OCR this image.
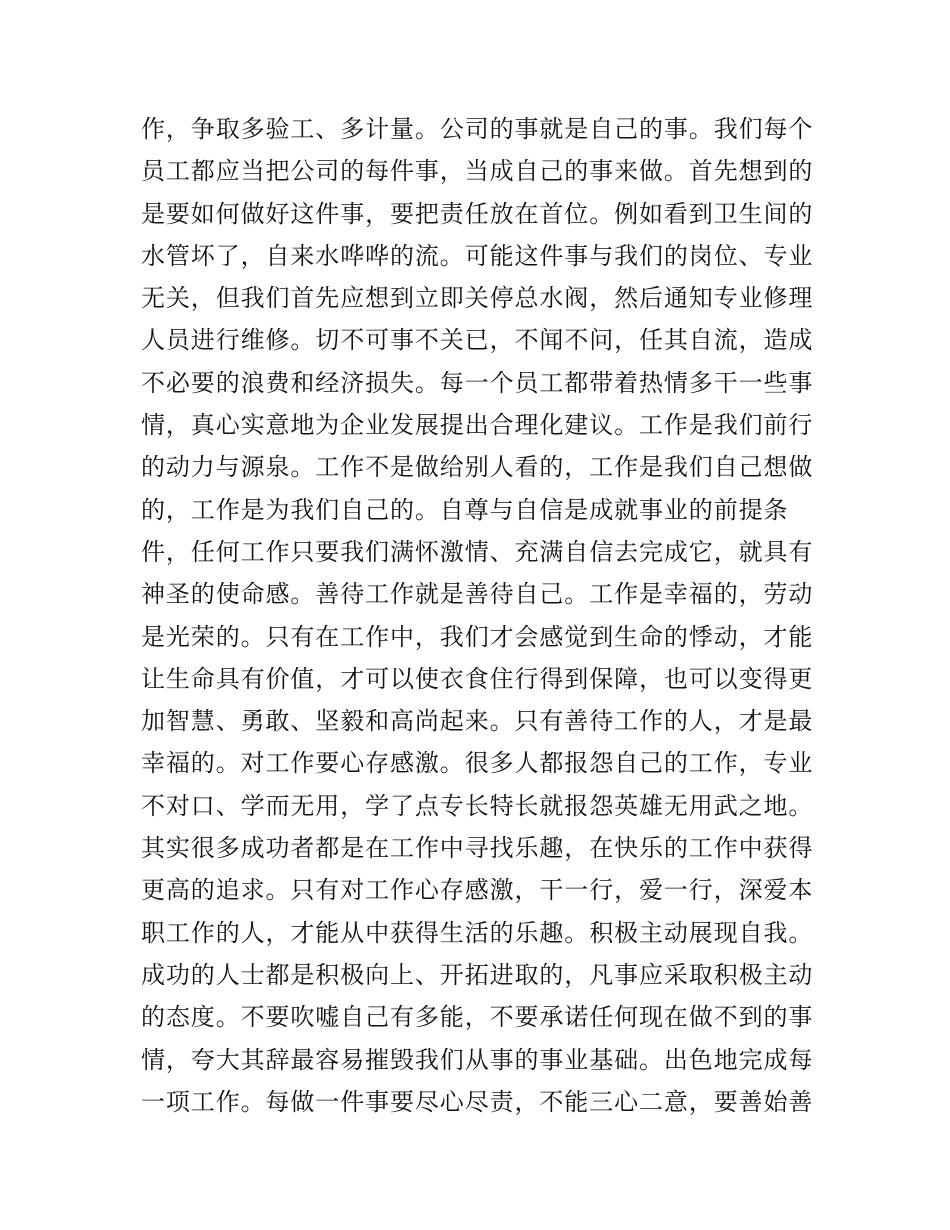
作，争取多验工、多计量。公司的事就是自己的事。我们每个
员工都应当把公司的每件事，当成自己的事来做。首先想到的
是要如何做好这件事，要把责任放在首位。例如看到卫生间的
水管坏了，自来水哗哗的流。可能这件事与我们的岗位、专业
无关，但我们首先应想到立即关停总水阀，然后通知专业修理
人员进行维修。切不可事不关已，不闻不问，任其自流，造成
不必要的浪费和经济损失。每一个员工都带着热情多干一些事
情，真心实意地为企业发展提出合理化建议。工作是我们前行
的动力与源泉。工作不是做给别人看的，工作是我们自己想做
的，工作是为我们自己的。自尊与自信是成就事业的前提条
件，任何工作只要我们满怀激情、充满自信去完成它，就具有
神圣的使命感。善待工作就是善待自己。工作是幸福的，劳动
是光荣的。只有在工作中，我们才会感觉到生命的悸动，才能
让生命具有价值，才可以使衣食住行得到保障，也可以变得更
加智慧、勇敢、坚毅和高尚起来。只有善待工作的人，才是最
幸福的。对工作要心存感激。很多人都报怨自己的工作，专业
不对口、学而无用，学了点专长特长就报怨英雄无用武之地。
其实很多成功者都是在工作中寻找乐趣，在快乐的工作中获得
更高的追求。只有对工作心存感激，干一行，爱一行，深爱本
职工作的人，才能从中获得生活的乐趣。积极主动展现自我。
成功的人士都是积极向上、开拓进取的，凡事应采取积极主动
的态度。不要吹嘘自己有多能，不要承诺任何现在做不到的事
情，夸大其辞最容易摧毁我们从事的事业基础。出色地完成每
一项工作。每做一件事要尽心尽责，不能三心二意，要善始善
